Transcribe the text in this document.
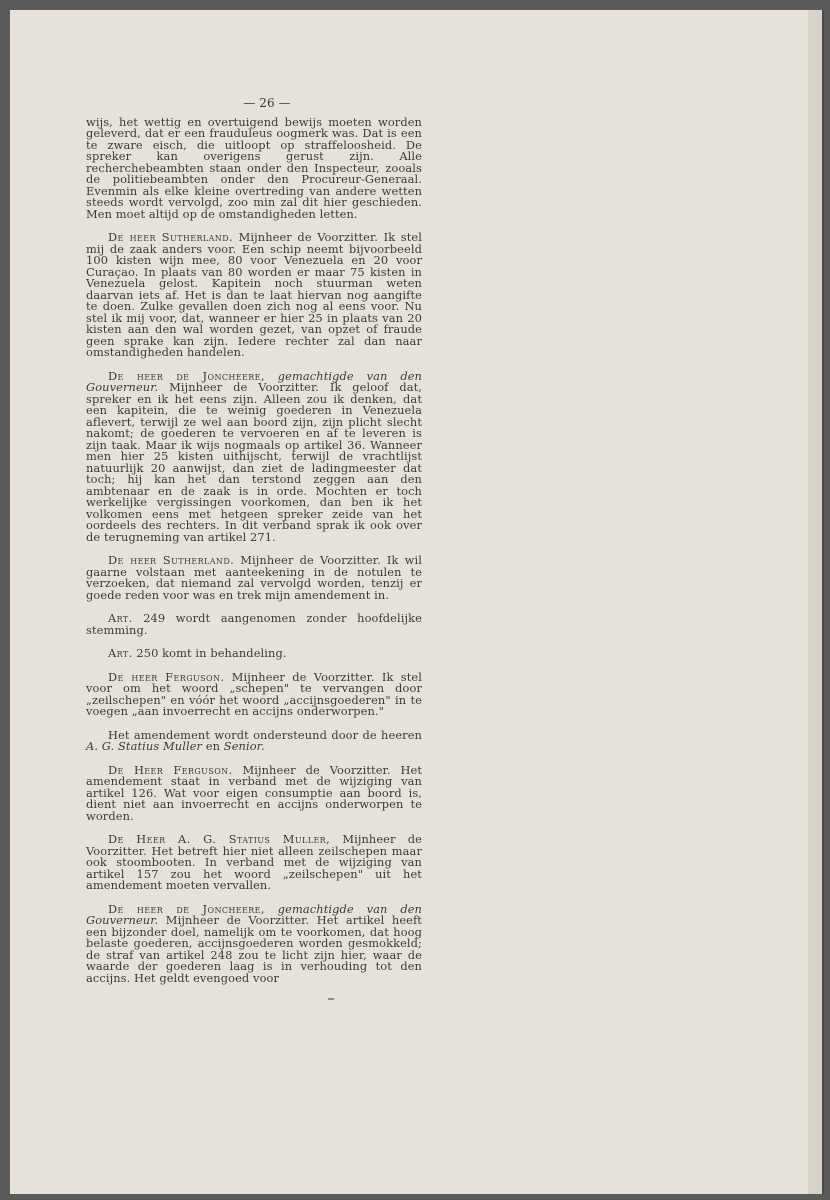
— 26 —

wijs, het wettig en overtuigend bewijs moeten worden geleverd, dat er een frauduleus oogmerk was. Dat is een te zware eisch, die uitloopt op straffeloosheid. De spreker kan overigens gerust zijn. Alle recherchebeambten staan onder den Inspecteur, zooals de politiebeambten onder den Procureur-Generaal. Evenmin als elke kleine overtreding van andere wetten steeds wordt vervolgd, zoo min zal dit hier geschieden. Men moet altijd op de omstandigheden letten.

De heer Sutherland. Mijnheer de Voorzitter. Ik stel mij de zaak anders voor. Een schip neemt bijvoorbeeld 100 kisten wijn mee, 80 voor Venezuela en 20 voor Curaçao. In plaats van 80 worden er maar 75 kisten in Venezuela gelost. Kapitein noch stuurman weten daarvan iets af. Het is dan te laat hiervan nog aangifte te doen. Zulke gevallen doen zich nog al eens voor. Nu stel ik mij voor, dat, wanneer er hier 25 in plaats van 20 kisten aan den wal worden gezet, van opzet of fraude geen sprake kan zijn. Iedere rechter zal dan naar omstandigheden handelen.

De heer de Joncheere, gemachtigde van den Gouverneur. Mijnheer de Voorzitter. Ik geloof dat, spreker en ik het eens zijn. Alleen zou ik denken, dat een kapitein, die te weinig goederen in Venezuela aflevert, terwijl ze wel aan boord zijn, zijn plicht slecht nakomt; de goederen te vervoeren en af te leveren is zijn taak. Maar ik wijs nogmaals op artikel 36. Wanneer men hier 25 kisten uithijscht, terwijl de vrachtlijst natuurlijk 20 aanwijst, dan ziet de ladingmeester dat toch; hij kan het dan terstond zeggen aan den ambtenaar en de zaak is in orde. Mochten er toch werkelijke vergissingen voorkomen, dan ben ik het volkomen eens met hetgeen spreker zeide van het oordeels des rechters. In dit verband sprak ik ook over de terugneming van artikel 271.

De heer Sutherland. Mijnheer de Voorzitter. Ik wil gaarne volstaan met aanteekening in de notulen te verzoeken, dat niemand zal vervolgd worden, tenzij er goede reden voor was en trek mijn amendement in.

Art. 249 wordt aangenomen zonder hoofdelijke stemming.

Art. 250 komt in behandeling.

De heer Ferguson. Mijnheer de Voorzitter. Ik stel voor om het woord „schepen" te vervangen door „zeilschepen" en vóór het woord „accijnsgoederen" in te voegen „aan invoerrecht en accijns onderworpen."

Het amendement wordt ondersteund door de heeren A. G. Statius Muller en Senior.

De Heer Ferguson. Mijnheer de Voorzitter. Het amendement staat in verband met de wijziging van artikel 126. Wat voor eigen consumptie aan boord is, dient niet aan invoerrecht en accijns onderworpen te worden.

De Heer A. G. Statius Muller, Mijnheer de Voorzitter. Het betreft hier niet alleen zeilschepen maar ook stoombooten. In verband met de wijziging van artikel 157 zou het woord „zeilschepen" uit het amendement moeten vervallen.

De heer de Joncheere, gemachtigde van den Gouverneur. Mijnheer de Voorzitter. Het artikel heeft een bijzonder doel, namelijk om te voorkomen, dat hoog belaste goederen, accijnsgoederen worden gesmokkeld; de straf van artikel 248 zou te licht zijn hier, waar de waarde der goederen laag is in verhouding tot den accijns. Het geldt evengoed voor
